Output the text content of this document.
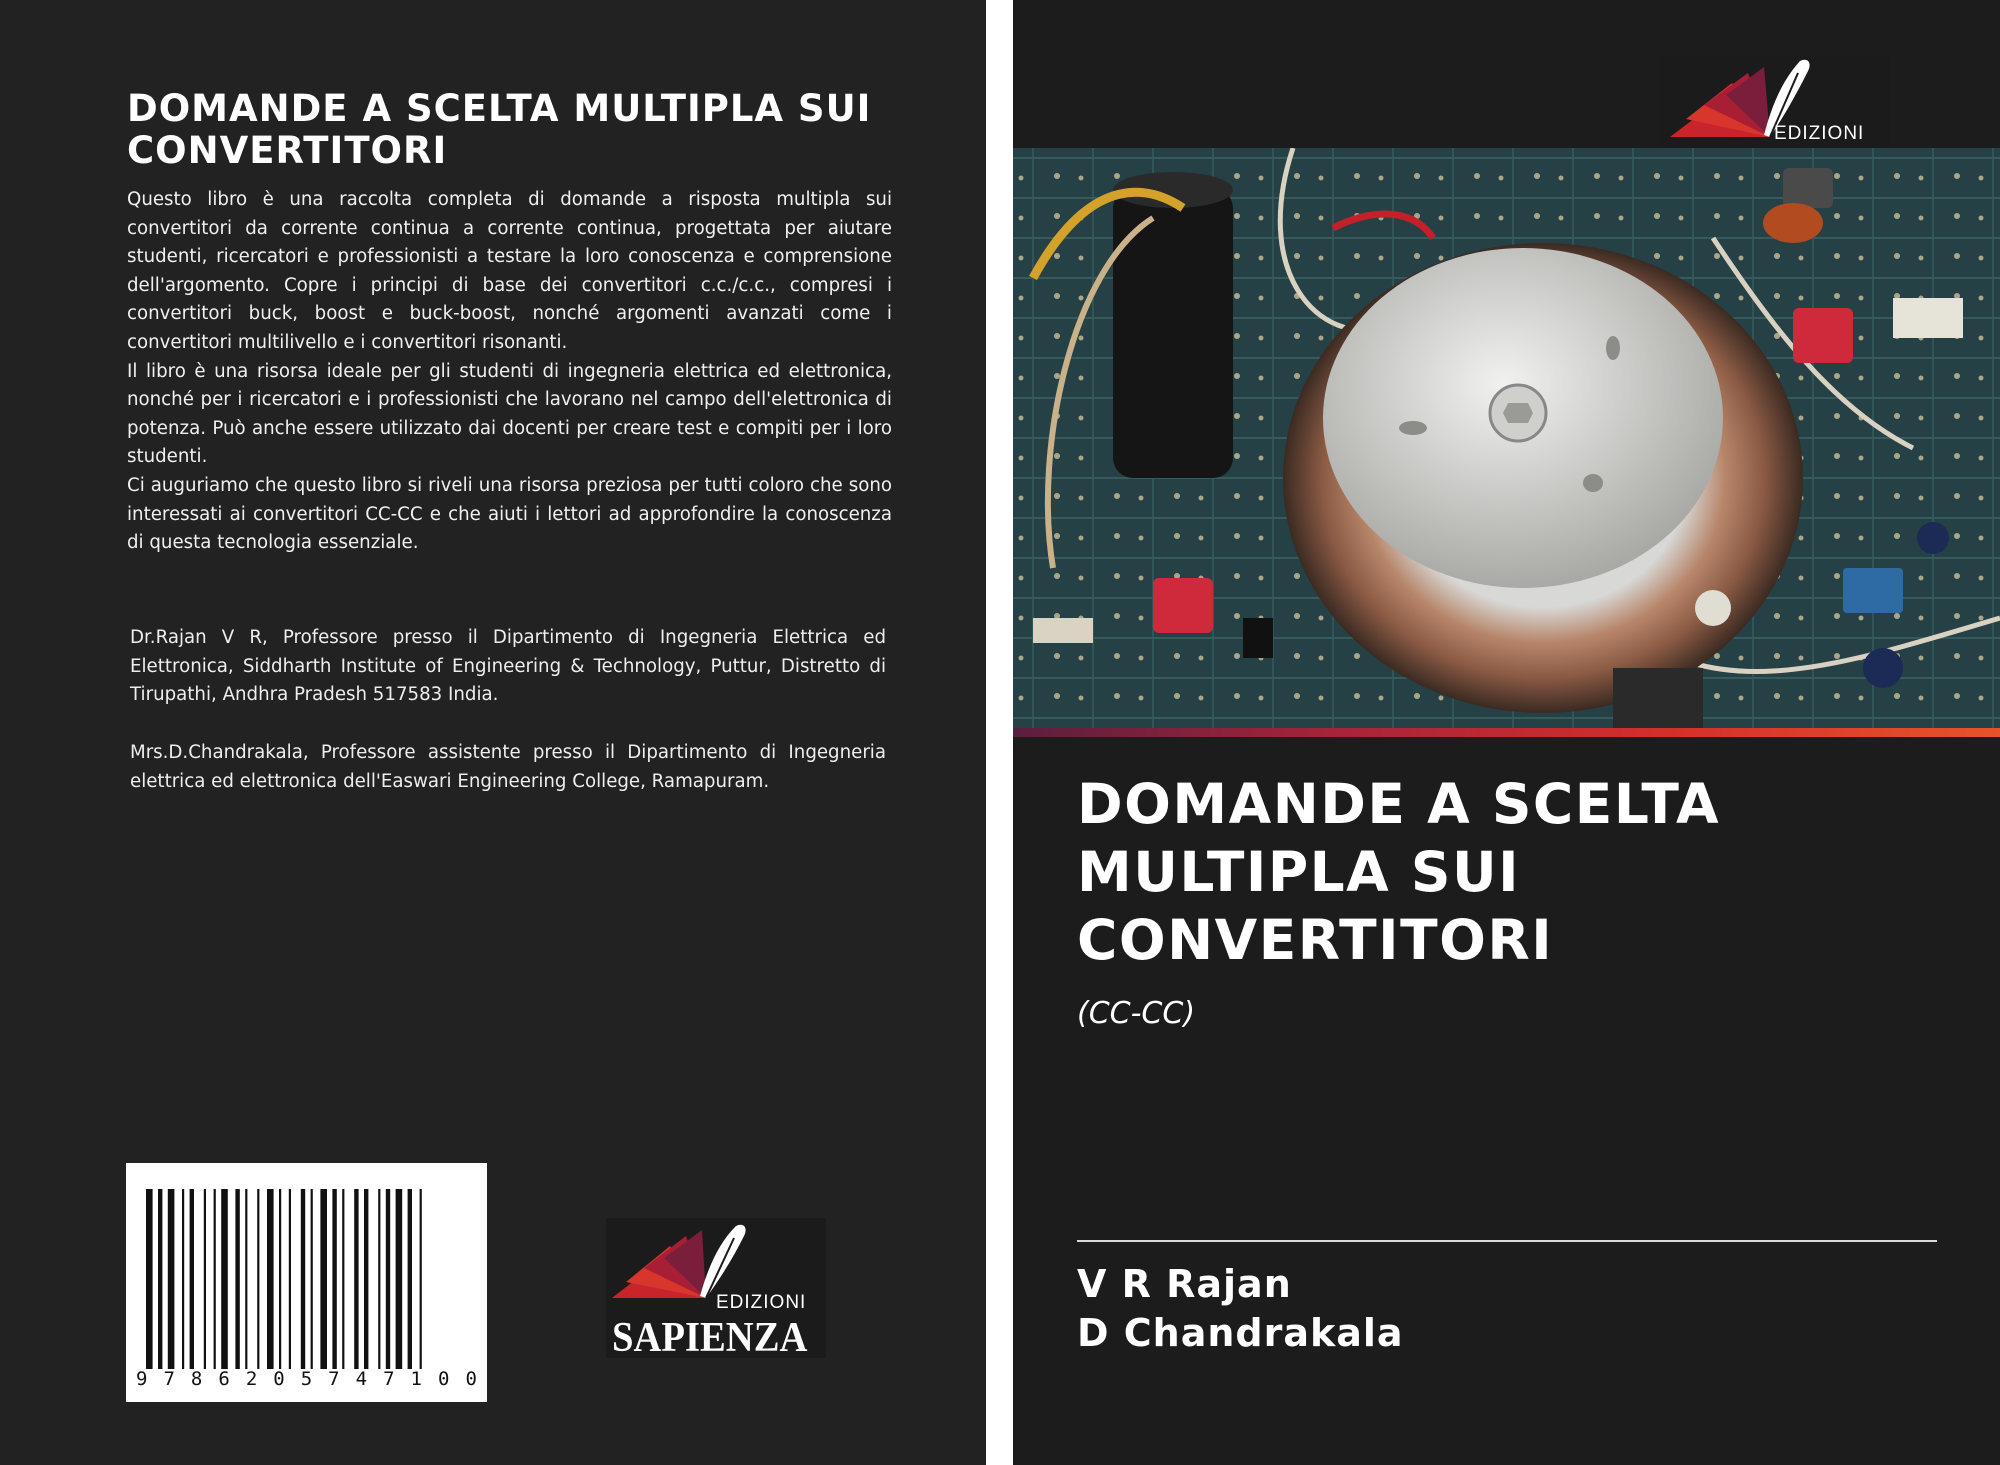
DOMANDE A SCELTA MULTIPLA SUI CONVERTITORI

Questo libro è una raccolta completa di domande a risposta multipla sui convertitori da corrente continua a corrente continua, progettata per aiutare studenti, ricercatori e professionisti a testare la loro conoscenza e comprensione dell'argomento. Copre i principi di base dei convertitori c.c./c.c., compresi i convertitori buck, boost e buck-boost, nonché argomenti avanzati come i convertitori multilivello e i convertitori risonanti.

Il libro è una risorsa ideale per gli studenti di ingegneria elettrica ed elettronica, nonché per i ricercatori e i professionisti che lavorano nel campo dell'elettronica di potenza. Può anche essere utilizzato dai docenti per creare test e compiti per i loro studenti.

Ci auguriamo che questo libro si riveli una risorsa preziosa per tutti coloro che sono interessati ai convertitori CC-CC e che aiuti i lettori ad approfondire la conoscenza di questa tecnologia essenziale.

Dr.Rajan V R, Professore presso il Dipartimento di Ingegneria Elettrica ed Elettronica, Siddharth Institute of Engineering & Technology, Puttur, Distretto di Tirupathi, Andhra Pradesh 517583 India.
Mrs.D.Chandrakala, Professore assistente presso il Dipartimento di Ingegneria elettrica ed elettronica dell'Easwari Engineering College, Ramapuram.
9 7 8 6 2 0 5 7 4 7 1 0 0
EDIZIONI
SAPIENZA
EDIZIONI
DOMANDE A SCELTA MULTIPLA SUI CONVERTITORI
(CC-CC)
V R Rajan
D Chandrakala
